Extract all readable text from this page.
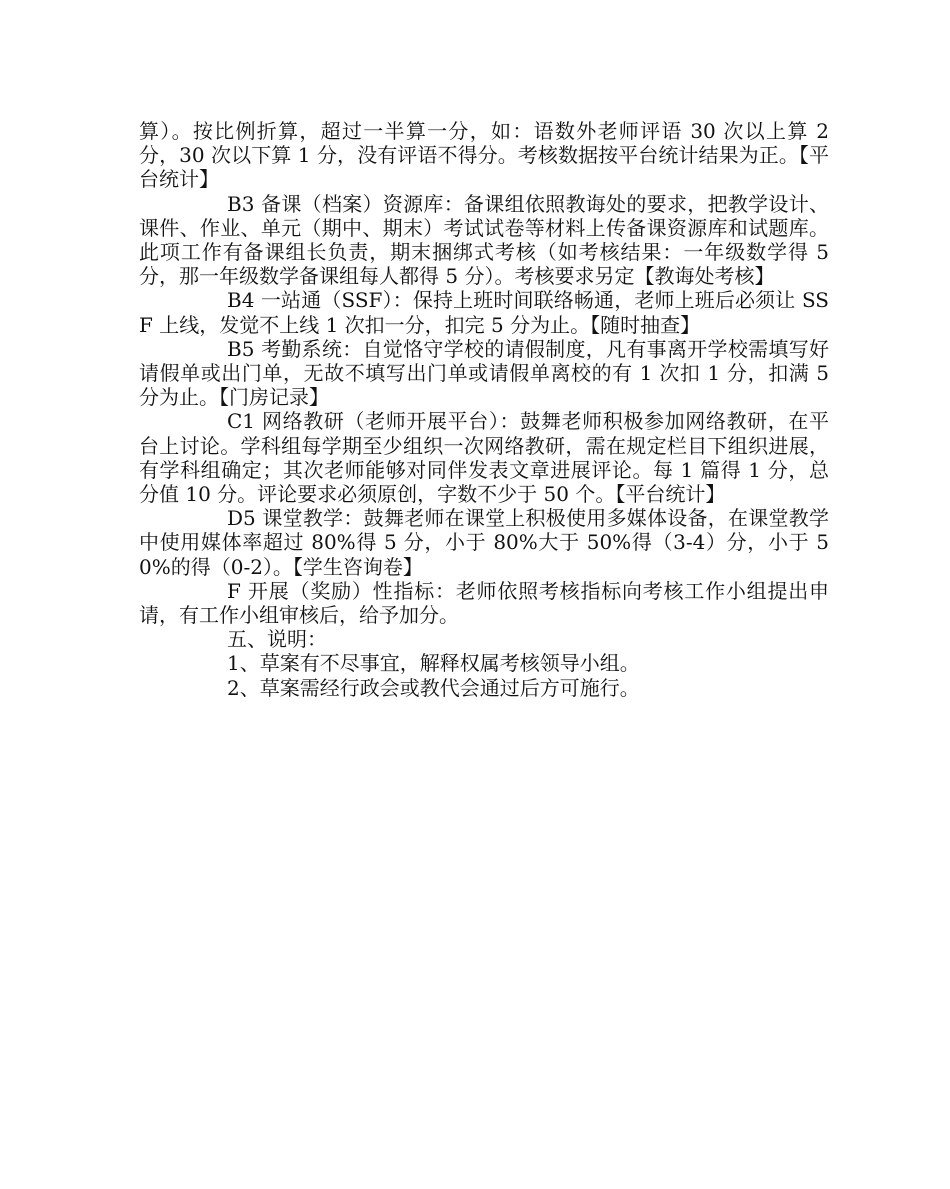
算）。按比例折算，超过一半算一分，如：语数外老师评语 30 次以上算 2 分，30 次以下算 1 分，没有评语不得分。考核数据按平台统计结果为正。【平台统计】

B3 备课（档案）资源库：备课组依照教诲处的要求，把教学设计、课件、作业、单元（期中、期末）考试试卷等材料上传备课资源库和试题库。此项工作有备课组长负责，期末捆绑式考核（如考核结果：一年级数学得 5 分，那一年级数学备课组每人都得 5 分）。考核要求另定【教诲处考核】

B4 一站通（SSF）：保持上班时间联络畅通，老师上班后必须让 SSF 上线，发觉不上线 1 次扣一分，扣完 5 分为止。【随时抽查】

B5 考勤系统：自觉恪守学校的请假制度，凡有事离开学校需填写好请假单或出门单，无故不填写出门单或请假单离校的有 1 次扣 1 分，扣满 5 分为止。【门房记录】

C1 网络教研（老师开展平台）：鼓舞老师积极参加网络教研，在平台上讨论。学科组每学期至少组织一次网络教研，需在规定栏目下组织进展，有学科组确定；其次老师能够对同伴发表文章进展评论。每 1 篇得 1 分，总分值 10 分。评论要求必须原创，字数不少于 50 个。【平台统计】

D5 课堂教学：鼓舞老师在课堂上积极使用多媒体设备，在课堂教学中使用媒体率超过 80%得 5 分，小于 80%大于 50%得（3-4）分，小于 50%的得（0-2）。【学生咨询卷】

F 开展（奖励）性指标：老师依照考核指标向考核工作小组提出申请，有工作小组审核后，给予加分。

五、说明：

1、草案有不尽事宜，解释权属考核领导小组。

2、草案需经行政会或教代会通过后方可施行。
